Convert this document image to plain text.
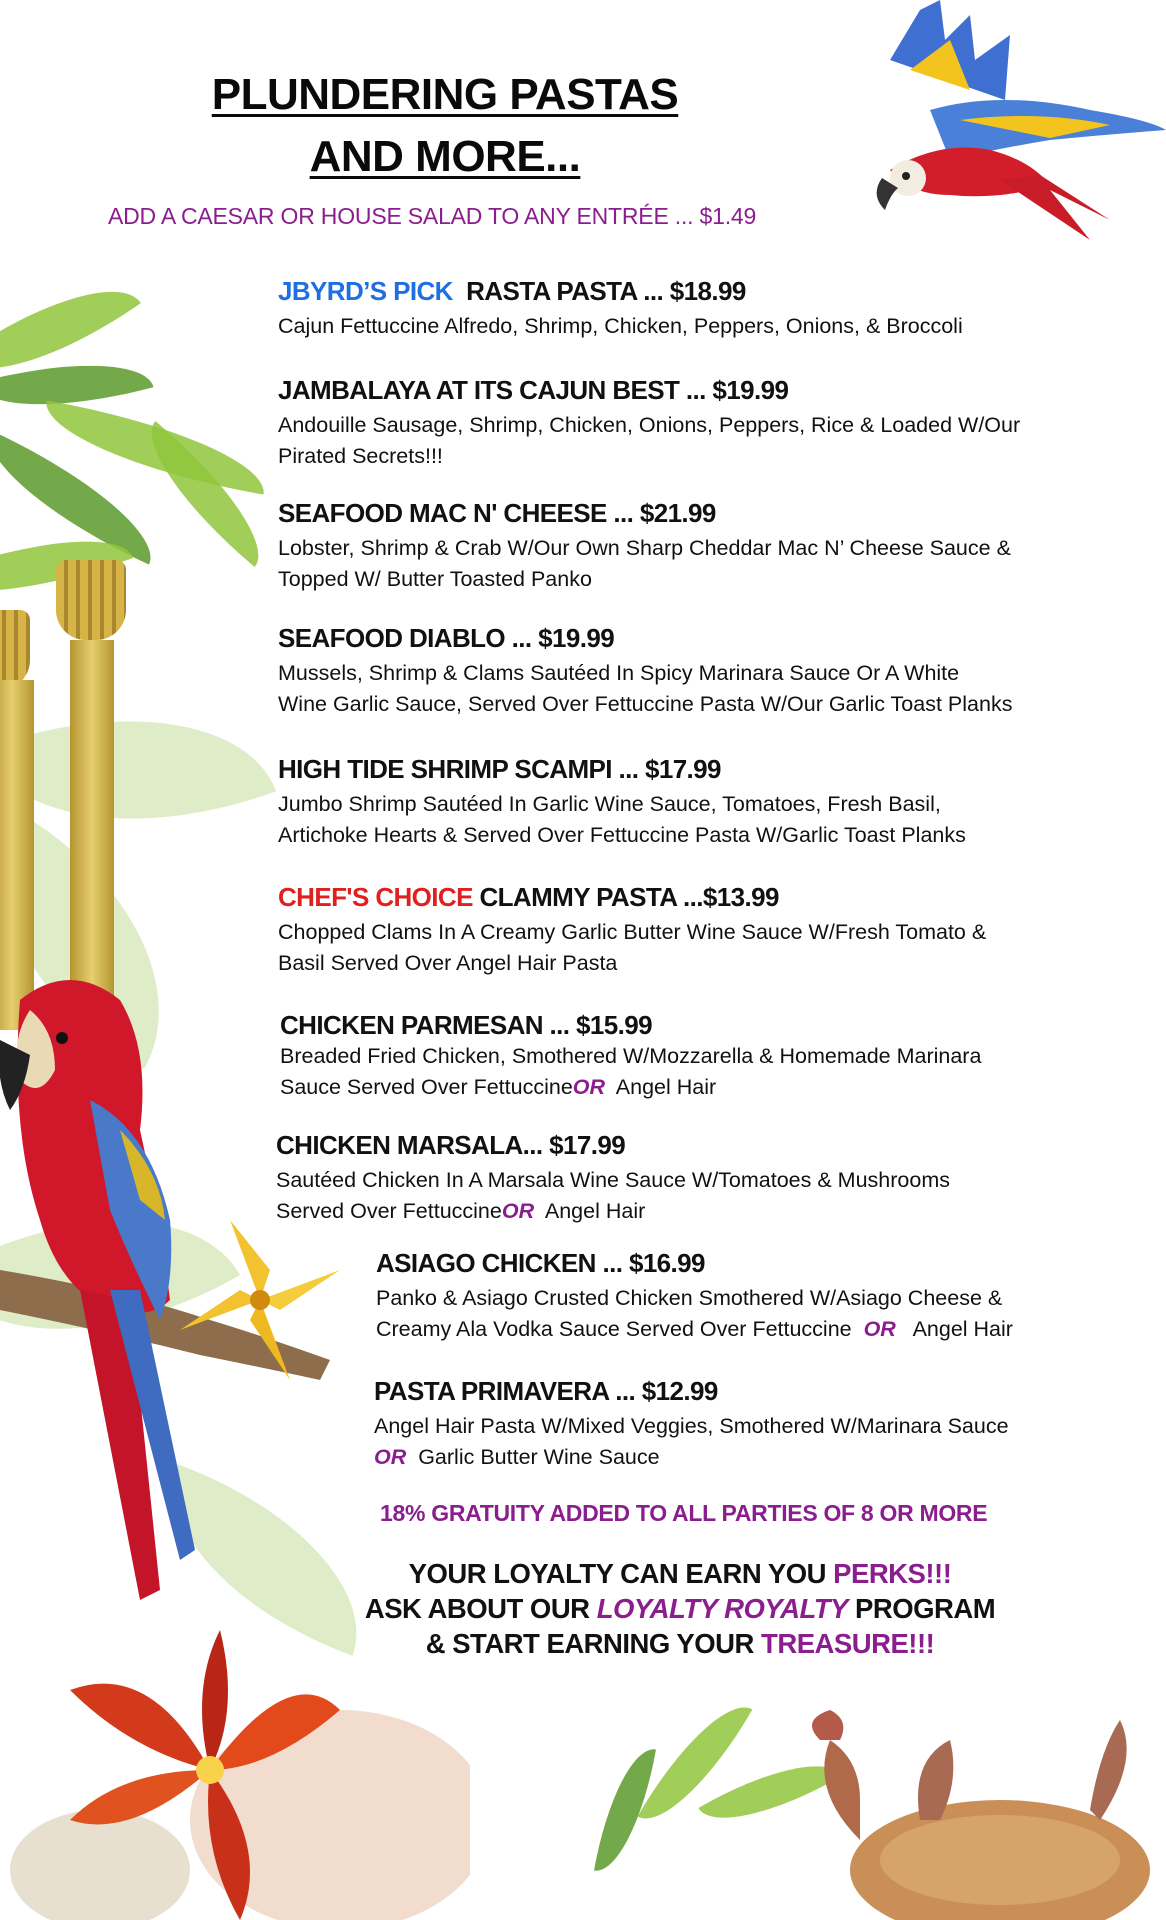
PLUNDERING PASTAS
AND MORE...
ADD A CAESAR OR HOUSE SALAD TO ANY ENTRÉE ... $1.49
JBYRD’S PICK RASTA PASTA ... $18.99
Cajun Fettuccine Alfredo, Shrimp, Chicken, Peppers, Onions, & Broccoli
JAMBALAYA AT ITS CAJUN BEST ... $19.99
Andouille Sausage, Shrimp, Chicken, Onions, Peppers, Rice & Loaded W/Our
Pirated Secrets!!!
SEAFOOD MAC N' CHEESE ... $21.99
Lobster, Shrimp & Crab W/Our Own Sharp Cheddar Mac N’ Cheese Sauce &
Topped W/ Butter Toasted Panko
SEAFOOD DIABLO ... $19.99
Mussels, Shrimp & Clams Sautéed In Spicy Marinara Sauce Or A White
Wine Garlic Sauce, Served Over Fettuccine Pasta W/Our Garlic Toast Planks
HIGH TIDE SHRIMP SCAMPI ... $17.99
Jumbo Shrimp Sautéed In Garlic Wine Sauce, Tomatoes, Fresh Basil,
Artichoke Hearts & Served Over Fettuccine Pasta W/Garlic Toast Planks
CHEF'S CHOICE CLAMMY PASTA ...$13.99
Chopped Clams In A Creamy Garlic Butter Wine Sauce W/Fresh Tomato &
Basil Served Over Angel Hair Pasta
CHICKEN PARMESAN ... $15.99
Breaded Fried Chicken, Smothered W/Mozzarella & Homemade Marinara
Sauce Served Over FettuccineOR Angel Hair
CHICKEN MARSALA... $17.99
Sautéed Chicken In A Marsala Wine Sauce W/Tomatoes & Mushrooms
Served Over FettuccineOR Angel Hair
ASIAGO CHICKEN ... $16.99
Panko & Asiago Crusted Chicken Smothered W/Asiago Cheese &
Creamy Ala Vodka Sauce Served Over Fettuccine OR Angel Hair
PASTA PRIMAVERA ... $12.99
Angel Hair Pasta W/Mixed Veggies, Smothered W/Marinara Sauce
OR Garlic Butter Wine Sauce
18% GRATUITY ADDED TO ALL PARTIES OF 8 OR MORE
YOUR LOYALTY CAN EARN YOU PERKS!!!
ASK ABOUT OUR LOYALTY ROYALTY PROGRAM
& START EARNING YOUR TREASURE!!!
